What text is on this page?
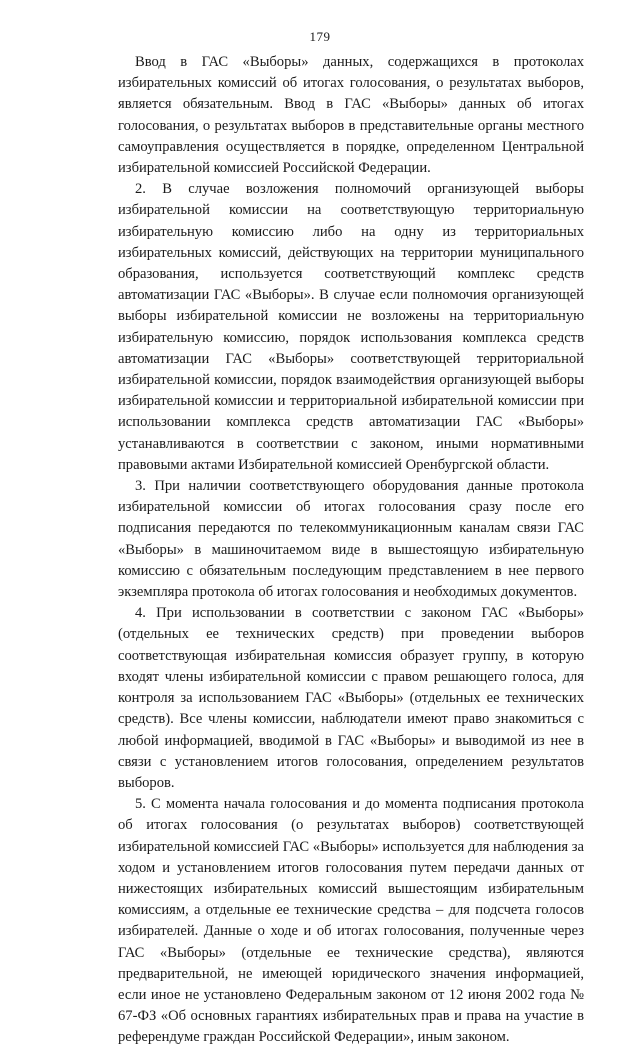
179

Ввод в ГАС «Выборы» данных, содержащихся в протоколах избирательных комиссий об итогах голосования, о результатах выборов, является обязательным. Ввод в ГАС «Выборы» данных об итогах голосования, о результатах выборов в представительные органы местного самоуправления осуществляется в порядке, определенном Центральной избирательной комиссией Российской Федерации.

2. В случае возложения полномочий организующей выборы избирательной комиссии на соответствующую территориальную избирательную комиссию либо на одну из территориальных избирательных комиссий, действующих на территории муниципального образования, используется соответствующий комплекс средств автоматизации ГАС «Выборы». В случае если полномочия организующей выборы избирательной комиссии не возложены на территориальную избирательную комиссию, порядок использования комплекса средств автоматизации ГАС «Выборы» соответствующей территориальной избирательной комиссии, порядок взаимодействия организующей выборы избирательной комиссии и территориальной избирательной комиссии при использовании комплекса средств автоматизации ГАС «Выборы» устанавливаются в соответствии с законом, иными нормативными правовыми актами Избирательной комиссией Оренбургской области.

3. При наличии соответствующего оборудования данные протокола избирательной комиссии об итогах голосования сразу после его подписания передаются по телекоммуникационным каналам связи ГАС «Выборы» в машиночитаемом виде в вышестоящую избирательную комиссию с обязательным последующим представлением в нее первого экземпляра протокола об итогах голосования и необходимых документов.

4. При использовании в соответствии с законом ГАС «Выборы» (отдельных ее технических средств) при проведении выборов соответствующая избирательная комиссия образует группу, в которую входят члены избирательной комиссии с правом решающего голоса, для контроля за использованием ГАС «Выборы» (отдельных ее технических средств). Все члены комиссии, наблюдатели имеют право знакомиться с любой информацией, вводимой в ГАС «Выборы» и выводимой из нее в связи с установлением итогов голосования, определением результатов выборов.

5. С момента начала голосования и до момента подписания протокола об итогах голосования (о результатах выборов) соответствующей избирательной комиссией ГАС «Выборы» используется для наблюдения за ходом и установлением итогов голосования путем передачи данных от нижестоящих избирательных комиссий вышестоящим избирательным комиссиям, а отдельные ее технические средства – для подсчета голосов избирателей. Данные о ходе и об итогах голосования, полученные через ГАС «Выборы» (отдельные ее технические средства), являются предварительной, не имеющей юридического значения информацией, если иное не установлено Федеральным законом от 12 июня 2002 года № 67-ФЗ «Об основных гарантиях избирательных прав и права на участие в референдуме граждан Российской Федерации», иным законом.
